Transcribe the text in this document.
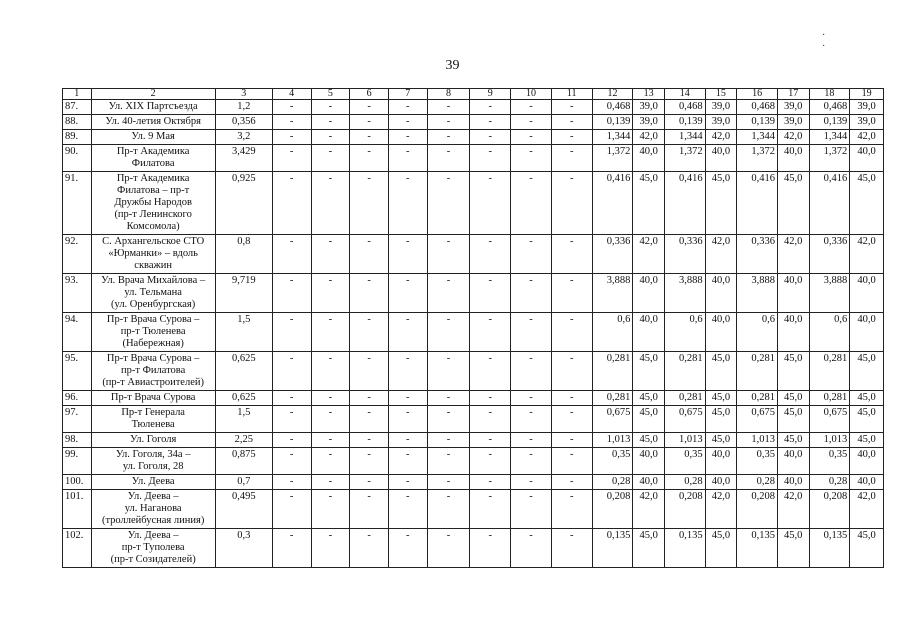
39
· ·
1	2	3	4	5	6	7	8	9	10	11	12	13	14	15	16	17	18	19
87.	Ул. XIX Партсъезда	1,2	-	-	-	-	-	-	-	-	0,468	39,0	0,468	39,0	0,468	39,0	0,468	39,0
88.	Ул. 40-летия Октября	0,356	-	-	-	-	-	-	-	-	0,139	39,0	0,139	39,0	0,139	39,0	0,139	39,0
89.	Ул. 9 Мая	3,2	-	-	-	-	-	-	-	-	1,344	42,0	1,344	42,0	1,344	42,0	1,344	42,0
90.	Пр-т Академика
Филатова	3,429	-	-	-	-	-	-	-	-	1,372	40,0	1,372	40,0	1,372	40,0	1,372	40,0
91.	Пр-т Академика
Филатова – пр-т
Дружбы Народов
(пр-т Ленинского
Комсомола)	0,925	-	-	-	-	-	-	-	-	0,416	45,0	0,416	45,0	0,416	45,0	0,416	45,0
92.	С. Архангельское СТО
«Юрманки» – вдоль
скважин	0,8	-	-	-	-	-	-	-	-	0,336	42,0	0,336	42,0	0,336	42,0	0,336	42,0
93.	Ул. Врача Михайлова –
ул. Тельмана
(ул. Оренбургская)	9,719	-	-	-	-	-	-	-	-	3,888	40,0	3,888	40,0	3,888	40,0	3,888	40,0
94.	Пр-т Врача Сурова –
пр-т Тюленева
(Набережная)	1,5	-	-	-	-	-	-	-	-	0,6	40,0	0,6	40,0	0,6	40,0	0,6	40,0
95.	Пр-т Врача Сурова –
пр-т Филатова
(пр-т Авиастроителей)	0,625	-	-	-	-	-	-	-	-	0,281	45,0	0,281	45,0	0,281	45,0	0,281	45,0
96.	Пр-т Врача Сурова	0,625	-	-	-	-	-	-	-	-	0,281	45,0	0,281	45,0	0,281	45,0	0,281	45,0
97.	Пр-т Генерала
Тюленева	1,5	-	-	-	-	-	-	-	-	0,675	45,0	0,675	45,0	0,675	45,0	0,675	45,0
98.	Ул. Гоголя	2,25	-	-	-	-	-	-	-	-	1,013	45,0	1,013	45,0	1,013	45,0	1,013	45,0
99.	Ул. Гоголя, 34а –
ул. Гоголя, 28	0,875	-	-	-	-	-	-	-	-	0,35	40,0	0,35	40,0	0,35	40,0	0,35	40,0
100.	Ул. Деева	0,7	-	-	-	-	-	-	-	-	0,28	40,0	0,28	40,0	0,28	40,0	0,28	40,0
101.	Ул. Деева –
ул. Наганова
(троллейбусная линия)	0,495	-	-	-	-	-	-	-	-	0,208	42,0	0,208	42,0	0,208	42,0	0,208	42,0
102.	Ул. Деева –
пр-т Туполева
(пр-т Созидателей)	0,3	-	-	-	-	-	-	-	-	0,135	45,0	0,135	45,0	0,135	45,0	0,135	45,0
